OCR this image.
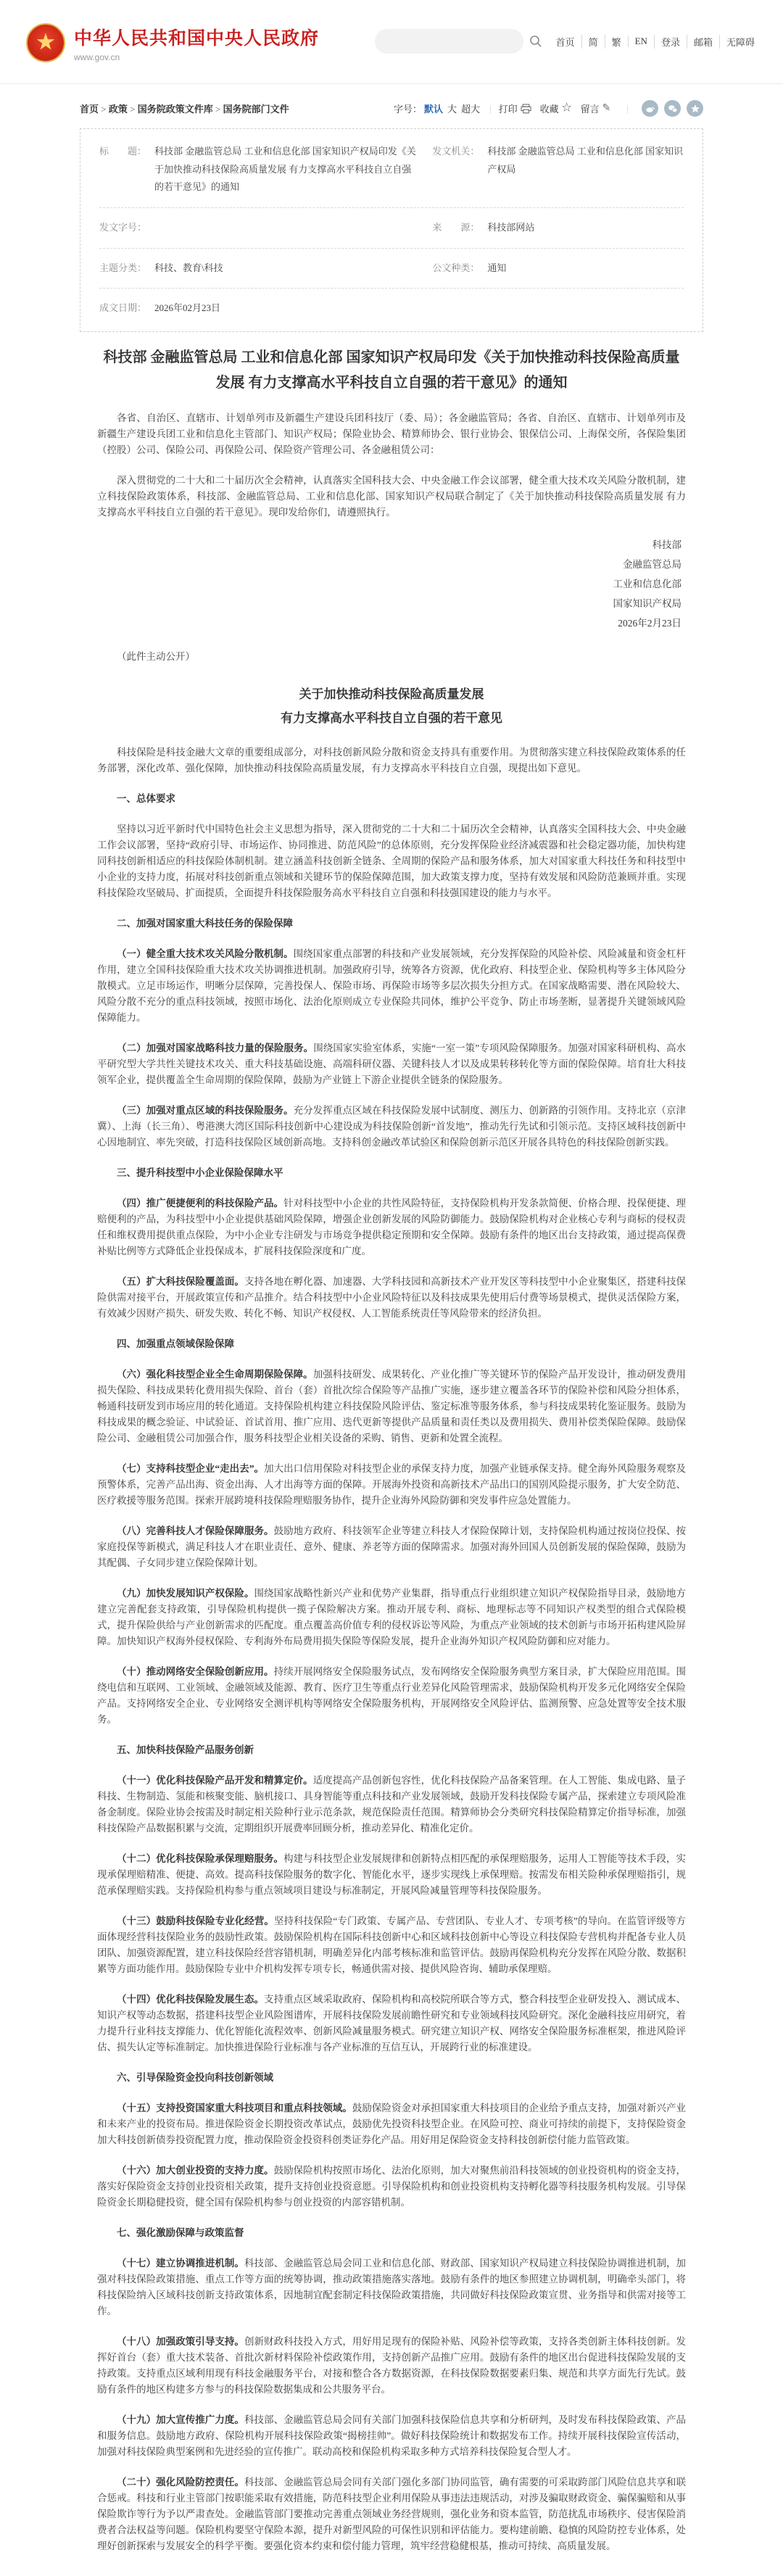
★ 中华人民共和国中央人民政府
www.gov.cn
首页	简	繁	EN	登录	邮箱	无障碍
首页 > 政策 > 国务院政策文件库 > 国务院部门文件	字号： 默认 大 超大 | 打印 收藏 ☆ 留言 ✎ |
标　　题： 科技部 金融监管总局 工业和信息化部 国家知识产权局印发《关于加快推动科技保险高质量发展 有力支撑高水平科技自立自强的若干意见》的通知
发文机关： 科技部 金融监管总局 工业和信息化部 国家知识产权局
发文字号：	来　　源： 科技部网站
主题分类： 科技、教育\科技	公文种类： 通知
成文日期： 2026年02月23日
科技部 金融监管总局 工业和信息化部 国家知识产权局印发《关于加快推动科技保险高质量发展 有力支撑高水平科技自立自强的若干意见》的通知

各省、自治区、直辖市、计划单列市及新疆生产建设兵团科技厅（委、局）；各金融监管局；各省、自治区、直辖市、计划单列市及新疆生产建设兵团工业和信息化主管部门、知识产权局；保险业协会、精算师协会、银行业协会、银保信公司、上海保交所，各保险集团（控股）公司、保险公司、再保险公司、保险资产管理公司、各金融租赁公司：

深入贯彻党的二十大和二十届历次全会精神，认真落实全国科技大会、中央金融工作会议部署，健全重大技术攻关风险分散机制，建立科技保险政策体系，科技部、金融监管总局、工业和信息化部、国家知识产权局联合制定了《关于加快推动科技保险高质量发展 有力支撑高水平科技自立自强的若干意见》。现印发给你们，请遵照执行。

科技部
金融监管总局
工业和信息化部
国家知识产权局
2026年2月23日

（此件主动公开）

关于加快推动科技保险高质量发展
有力支撑高水平科技自立自强的若干意见

科技保险是科技金融大文章的重要组成部分，对科技创新风险分散和资金支持具有重要作用。为贯彻落实建立科技保险政策体系的任务部署，深化改革、强化保障，加快推动科技保险高质量发展，有力支撑高水平科技自立自强，现提出如下意见。

一、总体要求

坚持以习近平新时代中国特色社会主义思想为指导，深入贯彻党的二十大和二十届历次全会精神，认真落实全国科技大会、中央金融工作会议部署，坚持“政府引导、市场运作、协同推进、防范风险”的总体原则，充分发挥保险业经济减震器和社会稳定器功能，加快构建同科技创新相适应的科技保险体制机制。建立涵盖科技创新全链条、全周期的保险产品和服务体系，加大对国家重大科技任务和科技型中小企业的支持力度，拓展对科技创新重点领域和关键环节的保险保障范围，加大政策支撑力度，坚持有效发展和风险防范兼顾并重。实现科技保险攻坚破局、扩面提质，全面提升科技保险服务高水平科技自立自强和科技强国建设的能力与水平。

二、加强对国家重大科技任务的保险保障

（一）健全重大技术攻关风险分散机制。围绕国家重点部署的科技和产业发展领域，充分发挥保险的风险补偿、风险减量和资金杠杆作用，建立全国科技保险重大技术攻关协调推进机制。加强政府引导，统筹各方资源，优化政府、科技型企业、保险机构等多主体风险分散模式。立足市场运作，明晰分层保障，完善投保人、保险市场、再保险市场等多层次损失分担方式。在国家战略需要、潜在风险较大、风险分散不充分的重点科技领域，按照市场化、法治化原则成立专业保险共同体，维护公平竞争、防止市场垄断，显著提升关键领域风险保障能力。

（二）加强对国家战略科技力量的保险服务。围绕国家实验室体系，实施“一室一策”专项风险保障服务。加强对国家科研机构、高水平研究型大学共性关键技术攻关、重大科技基础设施、高端科研仪器、关键科技人才以及成果转移转化等方面的保险保障。培育壮大科技领军企业，提供覆盖全生命周期的保险保障，鼓励为产业链上下游企业提供全链条的保险服务。

（三）加强对重点区域的科技保险服务。充分发挥重点区域在科技保险发展中试制度、测压力、创新路的引领作用。支持北京（京津冀）、上海（长三角）、粤港澳大湾区国际科技创新中心建设成为科技保险创新“首发地”，推动先行先试和引领示范。支持区域科技创新中心因地制宜、率先突破，打造科技保险区域创新高地。支持科创金融改革试验区和保险创新示范区开展各具特色的科技保险创新实践。

三、提升科技型中小企业保险保障水平

（四）推广便捷便利的科技保险产品。针对科技型中小企业的共性风险特征，支持保险机构开发条款简便、价格合理、投保便捷、理赔便利的产品，为科技型中小企业提供基础风险保障，增强企业创新发展的风险防御能力。鼓励保险机构对企业核心专利与商标的侵权责任和维权费用提供重点保险，为中小企业专注研发与市场竞争提供稳定预期和安全保障。鼓励有条件的地区出台支持政策，通过提高保费补贴比例等方式降低企业投保成本，扩展科技保险深度和广度。

（五）扩大科技保险覆盖面。支持各地在孵化器、加速器、大学科技园和高新技术产业开发区等科技型中小企业聚集区，搭建科技保险供需对接平台，开展政策宣传和产品推介。结合科技型中小企业风险特征以及科技成果先使用后付费等场景模式，提供灵活保险方案，有效减少因财产损失、研发失败、转化不畅、知识产权侵权、人工智能系统责任等风险带来的经济负担。

四、加强重点领域保险保障

（六）强化科技型企业全生命周期保险保障。加强科技研发、成果转化、产业化推广等关键环节的保险产品开发设计，推动研发费用损失保险、科技成果转化费用损失保险、首台（套）首批次综合保险等产品推广实施，逐步建立覆盖各环节的保险补偿和风险分担体系，畅通科技研发到市场应用的转化通道。支持保险机构建立科技保险风险评估、鉴定标准等服务体系，参与科技成果转化鉴证服务。鼓励为科技成果的概念验证、中试验证、首试首用、推广应用、迭代更新等提供产品质量和责任类以及费用损失、费用补偿类保险保障。鼓励保险公司、金融租赁公司加强合作，服务科技型企业相关设备的采购、销售、更新和处置全流程。

（七）支持科技型企业“走出去”。加大出口信用保险对科技型企业的承保支持力度，加强产业链承保支持。健全海外风险服务观察及预警体系，完善产品出海、资金出海、人才出海等方面的保障。开展海外投资和高新技术产品出口的国别风险提示服务，扩大安全防范、医疗救援等服务范围。探索开展跨境科技保险理赔服务协作，提升企业海外风险防御和突发事件应急处置能力。

（八）完善科技人才保险保障服务。鼓励地方政府、科技领军企业等建立科技人才保险保障计划，支持保险机构通过按岗位投保、按家庭投保等新模式，满足科技人才在职业责任、意外、健康、养老等方面的保障需求。加强对海外回国人员创新发展的保险保障，鼓励为其配偶、子女同步建立保险保障计划。

（九）加快发展知识产权保险。围绕国家战略性新兴产业和优势产业集群，指导重点行业组织建立知识产权保险指导目录，鼓励地方建立完善配套支持政策，引导保险机构提供一揽子保险解决方案。推动开展专利、商标、地理标志等不同知识产权类型的组合式保险模式，提升保险供给与产业创新需求的匹配度。重点覆盖高价值专利的侵权诉讼等风险，为重点产业领域的技术创新与市场开拓构建风险屏障。加快知识产权海外侵权保险、专利海外布局费用损失保险等保险发展，提升企业海外知识产权风险防御和应对能力。

（十）推动网络安全保险创新应用。持续开展网络安全保险服务试点，发布网络安全保险服务典型方案目录，扩大保险应用范围。围绕电信和互联网、工业领域、金融领域及能源、教育、医疗卫生等重点行业差异化风险管理需求，鼓励保险机构开发多元化网络安全保险产品。支持网络安全企业、专业网络安全测评机构等网络安全保险服务机构，开展网络安全风险评估、监测预警、应急处置等安全技术服务。

五、加快科技保险产品服务创新

（十一）优化科技保险产品开发和精算定价。适度提高产品创新包容性，优化科技保险产品备案管理。在人工智能、集成电路、量子科技、生物制造、氢能和核聚变能、脑机接口、具身智能等重点科技和产业发展领域，鼓励开发科技保险专属产品，探索建立专项风险准备金制度。保险业协会按需及时制定相关险种行业示范条款，规范保险责任范围。精算师协会分类研究科技保险精算定价指导标准，加强科技保险产品数据积累与交流，定期组织开展费率回顾分析，推动差异化、精准化定价。

（十二）优化科技保险承保理赔服务。构建与科技型企业发展规律和创新特点相匹配的承保理赔服务，运用人工智能等技术手段，实现承保理赔精准、便捷、高效。提高科技保险服务的数字化、智能化水平，逐步实现线上承保理赔。按需发布相关险种承保理赔指引，规范承保理赔实践。支持保险机构参与重点领域项目建设与标准制定，开展风险减量管理等科技保险服务。

（十三）鼓励科技保险专业化经营。坚持科技保险“专门政策、专属产品、专营团队、专业人才、专项考核”的导向。在监管评级等方面体现经营科技保险业务的鼓励性政策。鼓励保险机构在国际科技创新中心和区域科技创新中心等设立科技保险专营机构并配备专业人员团队、加强资源配置，建立科技保险经营容错机制，明确差异化内部考核标准和监管评估。鼓励再保险机构充分发挥在风险分散、数据积累等方面功能作用。鼓励保险专业中介机构发挥专项专长，畅通供需对接、提供风险咨询、辅助承保理赔。

（十四）优化科技保险发展生态。支持重点区域采取政府、保险机构和高校院所联合等方式，整合科技型企业研发投入、测试成本、知识产权等动态数据，搭建科技型企业风险图谱库，开展科技保险发展前瞻性研究和专业领域科技风险研究。深化金融科技应用研究，着力提升行业科技支撑能力、优化智能化流程效率、创新风险减量服务模式。研究建立知识产权、网络安全保险服务标准框架，推进风险评估、损失认定等标准制定。加快推进保险行业标准与各产业标准的互信互认，开展跨行业的标准建设。

六、引导保险资金投向科技创新领域

（十五）支持投资国家重大科技项目和重点科技领域。鼓励保险资金对承担国家重大科技项目的企业给予重点支持，加强对新兴产业和未来产业的投资布局。推进保险资金长期投资改革试点，鼓励优先投资科技型企业。在风险可控、商业可持续的前提下，支持保险资金加大科技创新债券投资配置力度，推动保险资金投资科创类证券化产品。用好用足保险资金支持科技创新偿付能力监管政策。

（十六）加大创业投资的支持力度。鼓励保险机构按照市场化、法治化原则，加大对聚焦前沿科技领域的创业投资机构的资金支持，落实好保险资金支持创业投资相关政策，提升支持创业投资意愿。引导保险机构和创业投资机构支持孵化器等科技服务机构发展。引导保险资金长期稳健投资，健全国有保险机构参与创业投资的内部容错机制。

七、强化激励保障与政策监督

（十七）建立协调推进机制。科技部、金融监管总局会同工业和信息化部、财政部、国家知识产权局建立科技保险协调推进机制，加强对科技保险政策措施、重点工作等方面的统筹协调，推动政策措施落实落地。鼓励有条件的地区参照建立协调机制，明确牵头部门，将科技保险纳入区域科技创新支持政策体系，因地制宜配套制定科技保险政策措施，共同做好科技保险政策宣贯、业务指导和供需对接等工作。

（十八）加强政策引导支持。创新财政科技投入方式，用好用足现有的保险补贴、风险补偿等政策，支持各类创新主体科技创新。发挥好首台（套）重大技术装备、首批次新材料保险补偿政策作用，支持创新产品推广应用。鼓励有条件的地区出台促进科技保险发展的支持政策。支持重点区域利用现有科技金融服务平台，对接和整合各方数据资源，在科技保险数据要素归集、规范和共享方面先行先试。鼓励有条件的地区构建多方参与的科技保险数据集成和公共服务平台。

（十九）加大宣传推广力度。科技部、金融监管总局会同有关部门加强科技保险信息共享和分析研判，及时发布科技保险政策、产品和服务信息。鼓励地方政府、保险机构开展科技保险政策“揭榜挂帅”。做好科技保险统计和数据发布工作。持续开展科技保险宣传活动，加强对科技保险典型案例和先进经验的宣传推广。联动高校和保险机构采取多种方式培养科技保险复合型人才。

（二十）强化风险防控责任。科技部、金融监管总局会同有关部门强化多部门协同监管，确有需要的可采取跨部门风险信息共享和联合惩戒。科技和行业主管部门按职能采取有效措施，防范科技型企业利用保险从事违法违规活动，对涉及骗取财政资金、骗保骗赔和从事保险欺诈等行为予以严肃查处。金融监管部门要推动完善重点领域业务经营规则，强化业务和资本监管，防范扰乱市场秩序、侵害保险消费者合法权益等问题。保险机构要坚守保险本源，提升对新型风险的可保性识别和评估能力。要构建前瞻、稳慎的风险防控专业体系，处理好创新探索与发展安全的科学平衡。要强化资本约束和偿付能力管理，筑牢经营稳健根基，推动可持续、高质量发展。
